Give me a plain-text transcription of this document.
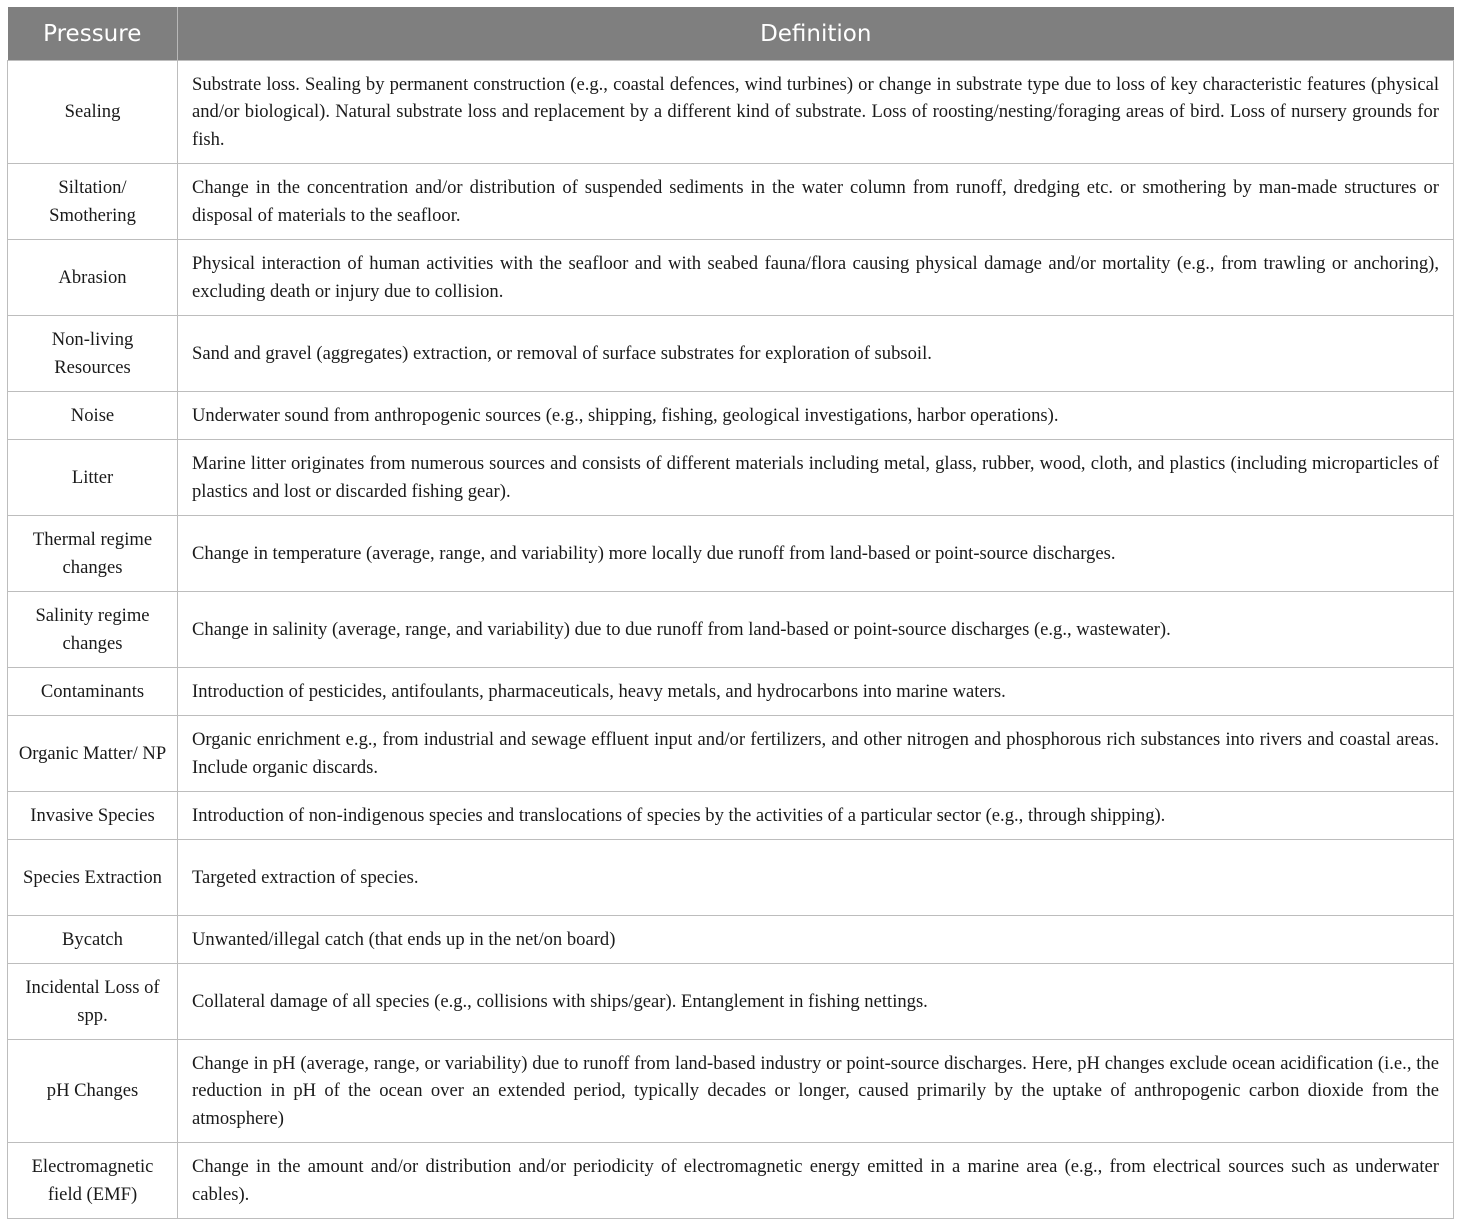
Pressure	Definition
Sealing	Substrate loss. Sealing by permanent construction (e.g., coastal defences, wind turbines) or change in substrate type due to loss of key characteristic features (physical and/or biological). Natural substrate loss and replacement by a different kind of substrate. Loss of roosting/nesting/foraging areas of bird. Loss of nursery grounds for fish.
Siltation/ Smothering	Change in the concentration and/or distribution of suspended sediments in the water column from runoff, dredging etc. or smothering by man-made structures or disposal of materials to the seafloor.
Abrasion	Physical interaction of human activities with the seafloor and with seabed fauna/flora causing physical damage and/or mortality (e.g., from trawling or anchoring), excluding death or injury due to collision.
Non-living Resources	Sand and gravel (aggregates) extraction, or removal of surface substrates for exploration of subsoil.
Noise	Underwater sound from anthropogenic sources (e.g., shipping, fishing, geological investigations, harbor operations).
Litter	Marine litter originates from numerous sources and consists of different materials including metal, glass, rubber, wood, cloth, and plastics (including microparticles of plastics and lost or discarded fishing gear).
Thermal regime changes	Change in temperature (average, range, and variability) more locally due runoff from land-based or point-source discharges.
Salinity regime changes	Change in salinity (average, range, and variability) due to due runoff from land-based or point-source discharges (e.g., wastewater).
Contaminants	Introduction of pesticides, antifoulants, pharmaceuticals, heavy metals, and hydrocarbons into marine waters.
Organic Matter/ NP	Organic enrichment e.g., from industrial and sewage effluent input and/or fertilizers, and other nitrogen and phosphorous rich substances into rivers and coastal areas. Include organic discards.
Invasive Species	Introduction of non-indigenous species and translocations of species by the activities of a particular sector (e.g., through shipping).
Species Extraction	Targeted extraction of species.
Bycatch	Unwanted/illegal catch (that ends up in the net/on board)
Incidental Loss of spp.	Collateral damage of all species (e.g., collisions with ships/gear). Entanglement in fishing nettings.
pH Changes	Change in pH (average, range, or variability) due to runoff from land-based industry or point-source discharges. Here, pH changes exclude ocean acidification (i.e., the reduction in pH of the ocean over an extended period, typically decades or longer, caused primarily by the uptake of anthropogenic carbon dioxide from the atmosphere)
Electromagnetic field (EMF)	Change in the amount and/or distribution and/or periodicity of electromagnetic energy emitted in a marine area (e.g., from electrical sources such as underwater cables).
